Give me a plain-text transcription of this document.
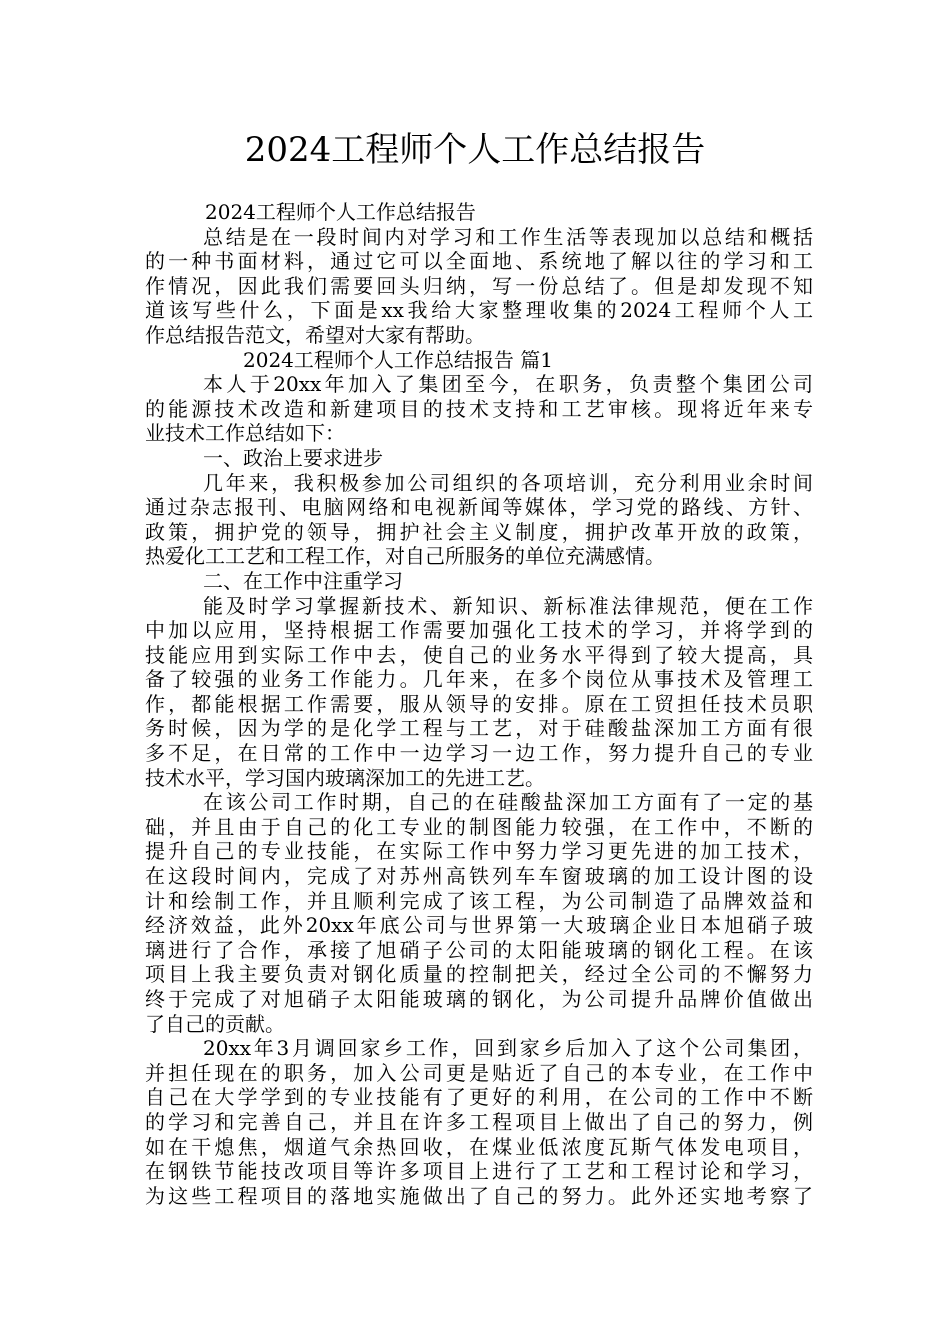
2024工程师个人工作总结报告
2024工程师个人工作总结报告
总结是在一段时间内对学习和工作生活等表现加以总结和概括
的一种书面材料，通过它可以全面地、系统地了解以往的学习和工
作情况，因此我们需要回头归纳，写一份总结了。但是却发现不知
道该写些什么，下面是xx我给大家整理收集的2024工程师个人工
作总结报告范文，希望对大家有帮助。
2024工程师个人工作总结报告 篇1
本人于20xx年加入了集团至今，在职务，负责整个集团公司
的能源技术改造和新建项目的技术支持和工艺审核。现将近年来专
业技术工作总结如下：
一、政治上要求进步
几年来，我积极参加公司组织的各项培训，充分利用业余时间
通过杂志报刊、电脑网络和电视新闻等媒体，学习党的路线、方针、
政策，拥护党的领导，拥护社会主义制度，拥护改革开放的政策，
热爱化工工艺和工程工作，对自己所服务的单位充满感情。
二、在工作中注重学习
能及时学习掌握新技术、新知识、新标准法律规范，便在工作
中加以应用，坚持根据工作需要加强化工技术的学习，并将学到的
技能应用到实际工作中去，使自己的业务水平得到了较大提高，具
备了较强的业务工作能力。几年来，在多个岗位从事技术及管理工
作，都能根据工作需要，服从领导的安排。原在工贸担任技术员职
务时候，因为学的是化学工程与工艺，对于硅酸盐深加工方面有很
多不足，在日常的工作中一边学习一边工作，努力提升自己的专业
技术水平，学习国内玻璃深加工的先进工艺。
在该公司工作时期，自己的在硅酸盐深加工方面有了一定的基
础，并且由于自己的化工专业的制图能力较强，在工作中，不断的
提升自己的专业技能，在实际工作中努力学习更先进的加工技术，
在这段时间内，完成了对苏州高铁列车车窗玻璃的加工设计图的设
计和绘制工作，并且顺利完成了该工程，为公司制造了品牌效益和
经济效益，此外20xx年底公司与世界第一大玻璃企业日本旭硝子玻
璃进行了合作，承接了旭硝子公司的太阳能玻璃的钢化工程。在该
项目上我主要负责对钢化质量的控制把关，经过全公司的不懈努力
终于完成了对旭硝子太阳能玻璃的钢化，为公司提升品牌价值做出
了自己的贡献。
20xx年3月调回家乡工作，回到家乡后加入了这个公司集团，
并担任现在的职务，加入公司更是贴近了自己的本专业，在工作中
自己在大学学到的专业技能有了更好的利用，在公司的工作中不断
的学习和完善自己，并且在许多工程项目上做出了自己的努力，例
如在干熄焦，烟道气余热回收，在煤业低浓度瓦斯气体发电项目，
在钢铁节能技改项目等许多项目上进行了工艺和工程讨论和学习，
为这些工程项目的落地实施做出了自己的努力。此外还实地考察了
